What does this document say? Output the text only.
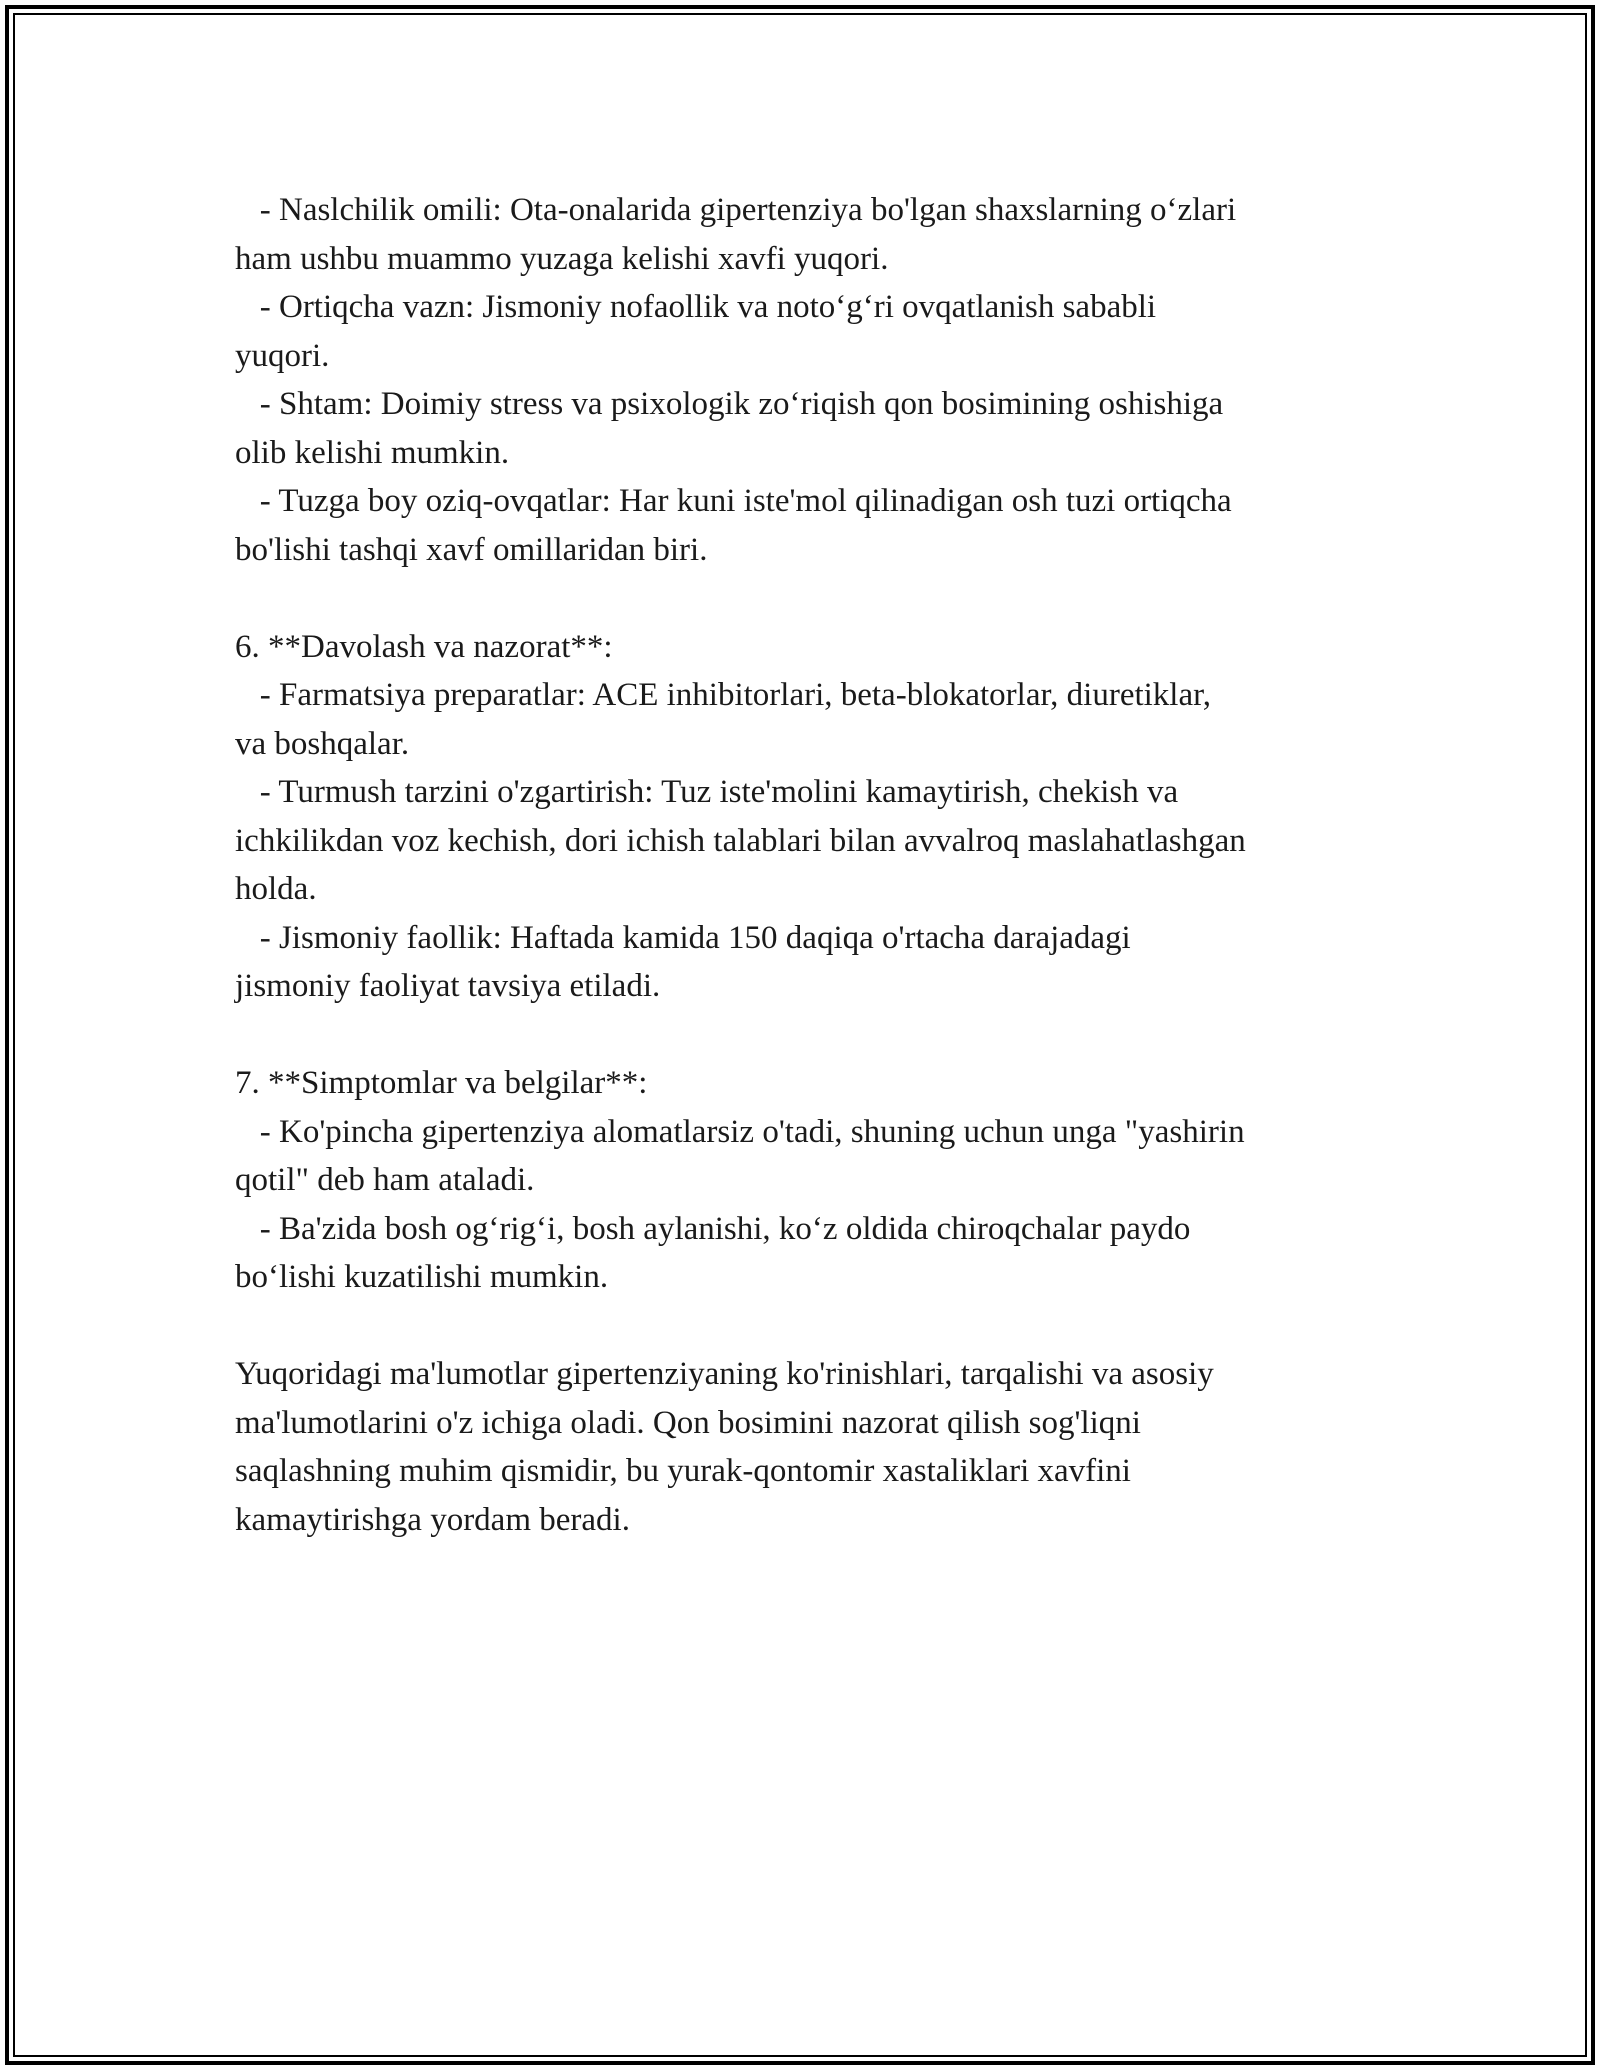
- Naslchilik omili: Ota-onalarida gipertenziya bo'lgan shaxslarning o‘zlari
ham ushbu muammo yuzaga kelishi xavfi yuqori.
- Ortiqcha vazn: Jismoniy nofaollik va noto‘g‘ri ovqatlanish sababli
yuqori.
- Shtam: Doimiy stress va psixologik zo‘riqish qon bosimining oshishiga
olib kelishi mumkin.
- Tuzga boy oziq-ovqatlar: Har kuni iste'mol qilinadigan osh tuzi ortiqcha
bo'lishi tashqi xavf omillaridan biri.
6. **Davolash va nazorat**:
- Farmatsiya preparatlar: ACE inhibitorlari, beta-blokatorlar, diuretiklar,
va boshqalar.
- Turmush tarzini o'zgartirish: Tuz iste'molini kamaytirish, chekish va
ichkilikdan voz kechish, dori ichish talablari bilan avvalroq maslahatlashgan
holda.
- Jismoniy faollik: Haftada kamida 150 daqiqa o'rtacha darajadagi
jismoniy faoliyat tavsiya etiladi.
7. **Simptomlar va belgilar**:
- Ko'pincha gipertenziya alomatlarsiz o'tadi, shuning uchun unga "yashirin
qotil" deb ham ataladi.
- Ba'zida bosh og‘rig‘i, bosh aylanishi, ko‘z oldida chiroqchalar paydo
bo‘lishi kuzatilishi mumkin.
Yuqoridagi ma'lumotlar gipertenziyaning ko'rinishlari, tarqalishi va asosiy
ma'lumotlarini o'z ichiga oladi. Qon bosimini nazorat qilish sog'liqni
saqlashning muhim qismidir, bu yurak-qontomir xastaliklari xavfini
kamaytirishga yordam beradi.
